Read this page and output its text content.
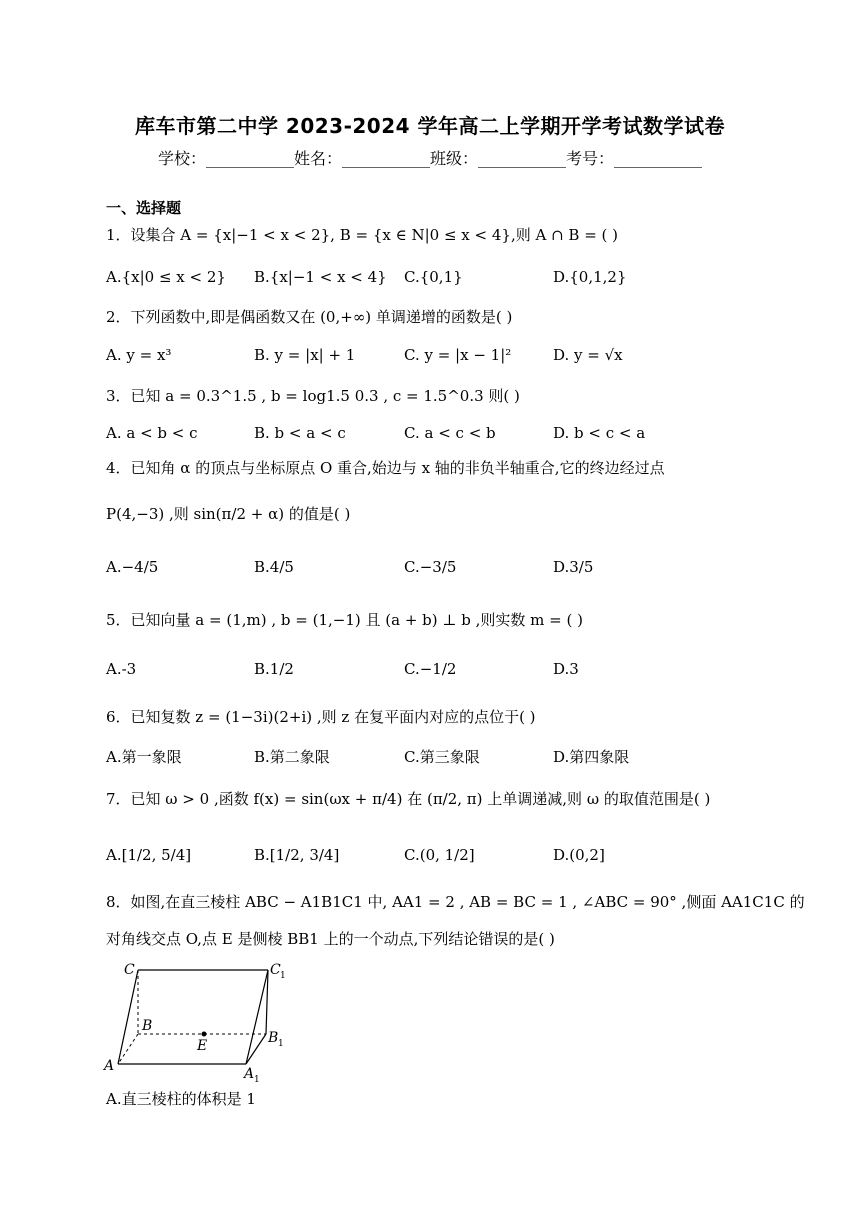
库车市第二中学 2023-2024 学年高二上学期开学考试数学试卷
学校：___________姓名：___________班级：___________考号：___________
一、选择题
1．设集合 A = {x|−1 < x < 2}, B = {x ∈ N|0 ≤ x < 4},则 A ∩ B = ( )
A.{x|0 ≤ x < 2} B.{x|−1 < x < 4} C.{0,1}	D.{0,1,2}
2．下列函数中,即是偶函数又在 (0,+∞) 单调递增的函数是( )
A. y = x³	B. y = |x| + 1	C. y = |x − 1|²	D. y = √x
3．已知 a = 0.3^1.5 , b = log1.5 0.3 , c = 1.5^0.3 则( )
A. a < b < c	B. b < a < c	C. a < c < b	D. b < c < a
4．已知角 α 的顶点与坐标原点 O 重合,始边与 x 轴的非负半轴重合,它的终边经过点
P(4,−3) ,则 sin(π/2 + α) 的值是( )
A.−4/5	B.4/5	C.−3/5	D.3/5
5．已知向量 a = (1,m) , b = (1,−1) 且 (a + b) ⊥ b ,则实数 m = ( )
A.-3	B.1/2	C.−1/2	D.3
6．已知复数 z = (1−3i)(2+i) ,则 z 在复平面内对应的点位于( )
A.第一象限	B.第二象限	C.第三象限	D.第四象限
7．已知 ω > 0 ,函数 f(x) = sin(ωx + π/4) 在 (π/2, π) 上单调递减,则 ω 的取值范围是( )
A.[1/2, 5/4]	B.[1/2, 3/4]	C.(0, 1/2]	D.(0,2]
8．如图,在直三棱柱 ABC − A1B1C1 中, AA1 = 2 , AB = BC = 1 , ∠ABC = 90° ,侧面 AA1C1C 的
对角线交点 O,点 E 是侧棱 BB1 上的一个动点,下列结论错误的是( )
C	C 1
B
B 1
E
A	A 1
A.直三棱柱的体积是 1
